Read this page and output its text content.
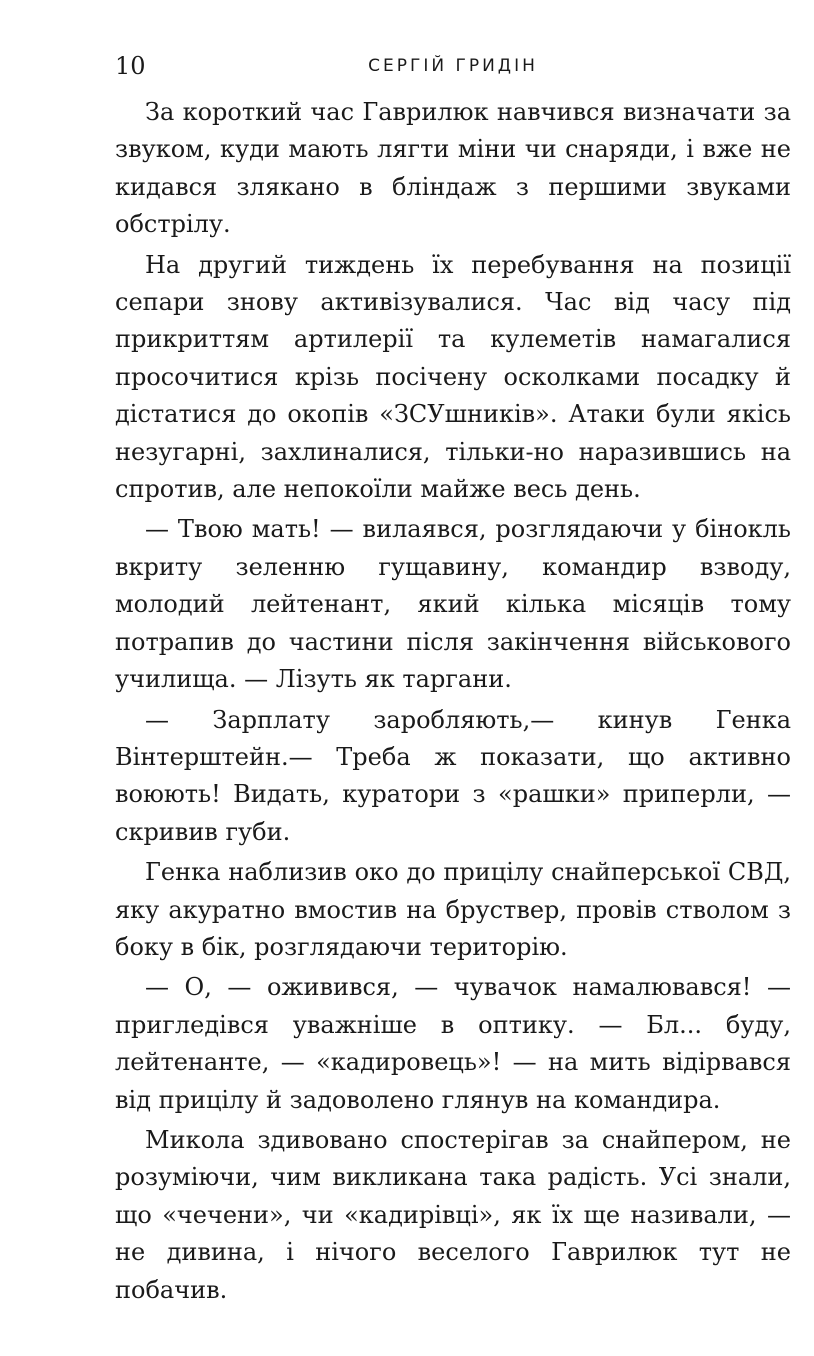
10	СЕРГІЙ ГРИДІН

За короткий час Гаврилюк навчився визначати за звуком, куди мають лягти міни чи снаряди, і вже не кидався злякано в бліндаж з першими звуками обстрілу.

На другий тиждень їх перебування на позиції сепари знову активізувалися. Час від часу під прикриттям артилерії та кулеметів намагалися просочитися крізь посічену осколками посадку й дістатися до окопів «ЗСУшників». Атаки були якісь незугарні, захлиналися, тільки-но наразившись на спротив, але непокоїли майже весь день.

— Твою мать! — вилаявся, розглядаючи у бінокль вкриту зеленню гущавину, командир взводу, молодий лейтенант, який кілька місяців тому потрапив до частини після закінчення військового училища. — Лізуть як таргани.

— Зарплату заробляють,— кинув Генка Вінтерштейн.— Треба ж показати, що активно воюють! Видать, куратори з «рашки» приперли, — скривив губи.

Генка наблизив око до прицілу снайперської СВД, яку акуратно вмостив на бруствер, провів стволом з боку в бік, розглядаючи територію.

— О, — оживився, — чувачок намалювався! — пригледівся уважніше в оптику. — Бл... буду, лейтенанте, — «кадировець»! — на мить відірвався від прицілу й задоволено глянув на командира.

Микола здивовано спостерігав за снайпером, не розуміючи, чим викликана така радість. Усі знали, що «чечени», чи «кадирівці», як їх ще називали, — не дивина, і нічого веселого Гаврилюк тут не побачив.
